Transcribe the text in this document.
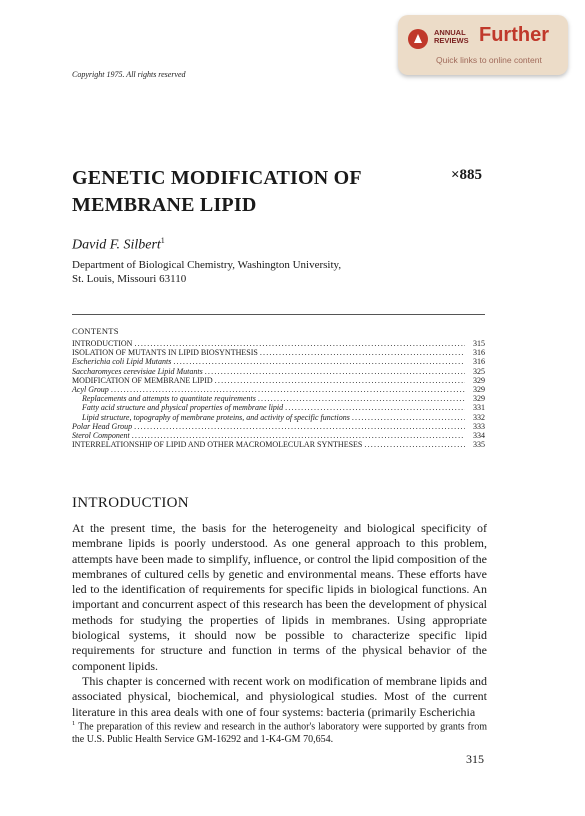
ANNUAL
REVIEWS Further
Quick links to online content
Copyright 1975. All rights reserved
GENETIC MODIFICATION OF
MEMBRANE LIPID
×885
David F. Silbert$^1$
Department of Biological Chemistry, Washington University,
St. Louis, Missouri 63110
CONTENTS
INTRODUCTION .....	315
ISOLATION OF MUTANTS IN LIPID BIOSYNTHESIS .....	316
Escherichia coli Lipid Mutants .....	316
Saccharomyces cerevisiae Lipid Mutants .....	325
MODIFICATION OF MEMBRANE LIPID .....	329
Acyl Group .....	329
Replacements and attempts to quantitate requirements .....	329
Fatty acid structure and physical properties of membrane lipid .....	331
Lipid structure, topography of membrane proteins, and activity of specific functions .....	332
Polar Head Group .....	333
Sterol Component .....	334
INTERRELATIONSHIP OF LIPID AND OTHER MACROMOLECULAR SYNTHESES .....	335
INTRODUCTION

At the present time, the basis for the heterogeneity and biological specificity of membrane lipids is poorly understood. As one general approach to this problem, attempts have been made to simplify, influence, or control the lipid composition of the membranes of cultured cells by genetic and environmental means. These efforts have led to the identification of requirements for specific lipids in biological functions. An important and concurrent aspect of this research has been the development of physical methods for studying the properties of lipids in membranes. Using appropriate biological systems, it should now be possible to characterize specific lipid requirements for structure and function in terms of the physical behavior of the component lipids.

This chapter is concerned with recent work on modification of membrane lipids and associated physical, biochemical, and physiological studies. Most of the current literature in this area deals with one of four systems: bacteria (primarily Escherichia

$^1$ The preparation of this review and research in the author's laboratory were supported by grants from the U.S. Public Health Service GM-16292 and 1-K4-GM 70,654.
315
